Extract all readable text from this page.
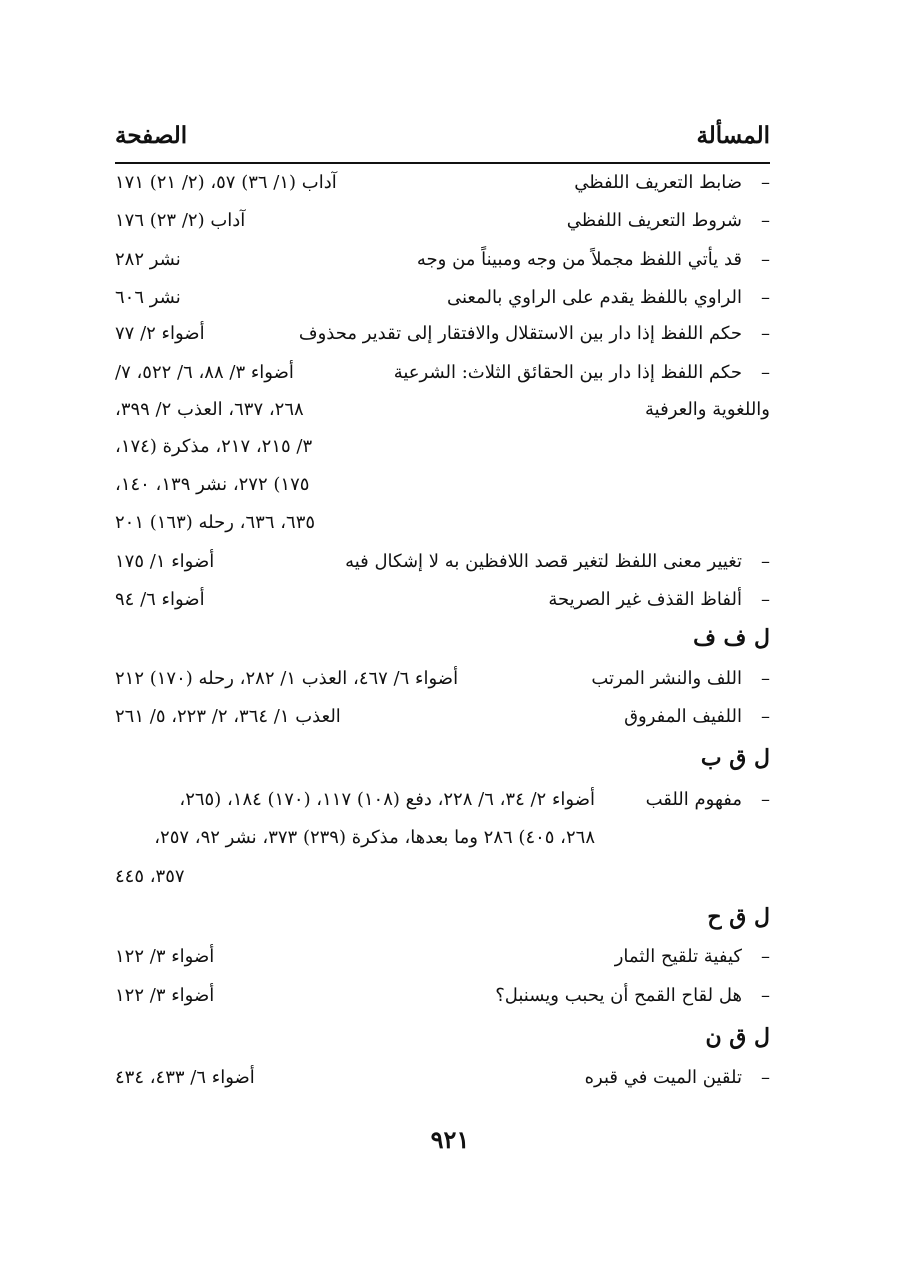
المسألة
الصفحة
–
ضابط التعريف اللفظي
آداب (١/ ٣٦) ٥٧، (٢/ ٢١) ١٧١
–
شروط التعريف اللفظي
آداب (٢/ ٢٣) ١٧٦
–
قد يأتي اللفظ مجملاً من وجه ومبيناً من وجه
نشر ٢٨٢
–
الراوي باللفظ يقدم على الراوي بالمعنى
نشر ٦٠٦
–
حكم اللفظ إذا دار بين الاستقلال والافتقار إلى تقدير محذوف
أضواء ٢/ ٧٧
–
حكم اللفظ إذا دار بين الحقائق الثلاث: الشرعية
أضواء ٣/ ٨٨، ٦/ ٥٢٢، ٧/
واللغوية والعرفية
٢٦٨، ٦٣٧، العذب ٢/ ٣٩٩،
٣/ ٢١٥، ٢١٧، مذكرة (١٧٤،
١٧٥) ٢٧٢، نشر ١٣٩، ١٤٠،
٦٣٥، ٦٣٦، رحله (١٦٣) ٢٠١
–
تغيير معنى اللفظ لتغير قصد اللافظين به لا إشكال فيه
أضواء ١/ ١٧٥
–
ألفاظ القذف غير الصريحة
أضواء ٦/ ٩٤
ل ف ف
–
اللف والنشر المرتب
أضواء ٦/ ٤٦٧، العذب ١/ ٢٨٢، رحله (١٧٠) ٢١٢
–
اللفيف المفروق
العذب ١/ ٣٦٤، ٢/ ٢٢٣، ٥/ ٢٦١
ل ق ب
–
مفهوم اللقب
أضواء ٢/ ٣٤، ٦/ ٢٢٨، دفع (١٠٨) ١١٧، (١٧٠) ١٨٤، (٢٦٥،
٢٦٨، ٤٠٥) ٢٨٦ وما بعدها، مذكرة (٢٣٩) ٣٧٣، نشر ٩٢، ٢٥٧،
٣٥٧، ٤٤٥
ل ق ح
–
كيفية تلقيح الثمار
أضواء ٣/ ١٢٢
–
هل لقاح القمح أن يحبب ويسنبل؟
أضواء ٣/ ١٢٢
ل ق ن
–
تلقين الميت في قبره
أضواء ٦/ ٤٣٣، ٤٣٤
٩٢١
